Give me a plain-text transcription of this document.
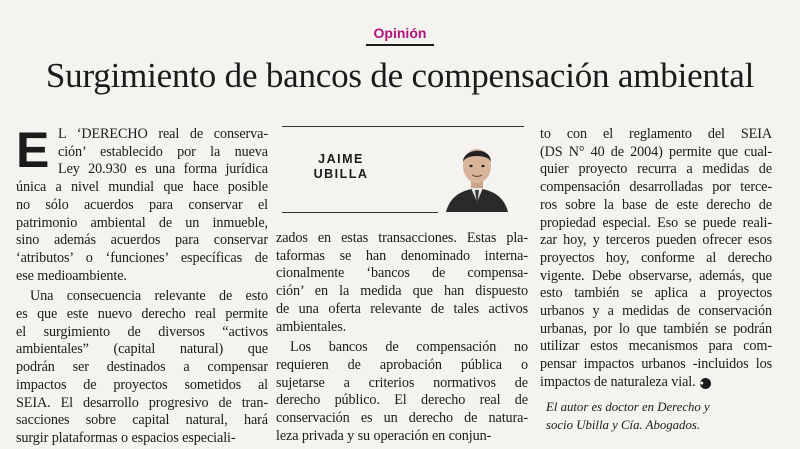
Opinión
Surgimiento de bancos de compensación ambiental
E L ‘DERECHO real de conserva-
ción’ establecido por la nueva
Ley 20.930 es una forma jurídica
única a nivel mundial que hace posible
no sólo acuerdos para conservar el
patrimonio ambiental de un inmueble,
sino además acuerdos para conservar
‘atributos’ o ‘funciones’ específicas de
ese medioambiente.

Una consecuencia relevante de esto
es que este nuevo derecho real permite
el surgimiento de diversos “activos
ambientales” (capital natural) que
podrán ser destinados a compensar
impactos de proyectos sometidos al
SEIA. El desarrollo progresivo de tran-
sacciones sobre capital natural, hará
surgir plataformas o espacios especiali-

JAIME
UBILLA

zados en estas transacciones. Estas pla-
taformas se han denominado interna-
cionalmente ‘bancos de compensa-
ción’ en la medida que han dispuesto
de una oferta relevante de tales activos
ambientales.

Los bancos de compensación no
requieren de aprobación pública o
sujetarse a criterios normativos de
derecho público. El derecho real de
conservación es un derecho de natura-
leza privada y su operación en conjun-

to con el reglamento del SEIA
(DS N° 40 de 2004) permite que cual-
quier proyecto recurra a medidas de
compensación desarrolladas por terce-
ros sobre la base de este derecho de
propiedad especial. Eso se puede reali-
zar hoy, y terceros pueden ofrecer esos
proyectos hoy, conforme al derecho
vigente. Debe observarse, además, que
esto también se aplica a proyectos
urbanos y a medidas de conservación
urbanas, por lo que también se podrán
utilizar estos mecanismos para com-
pensar impactos urbanos -incluidos los
impactos de naturaleza vial. ●

El autor es doctor en Derecho y
socio Ubilla y Cía. Abogados.
